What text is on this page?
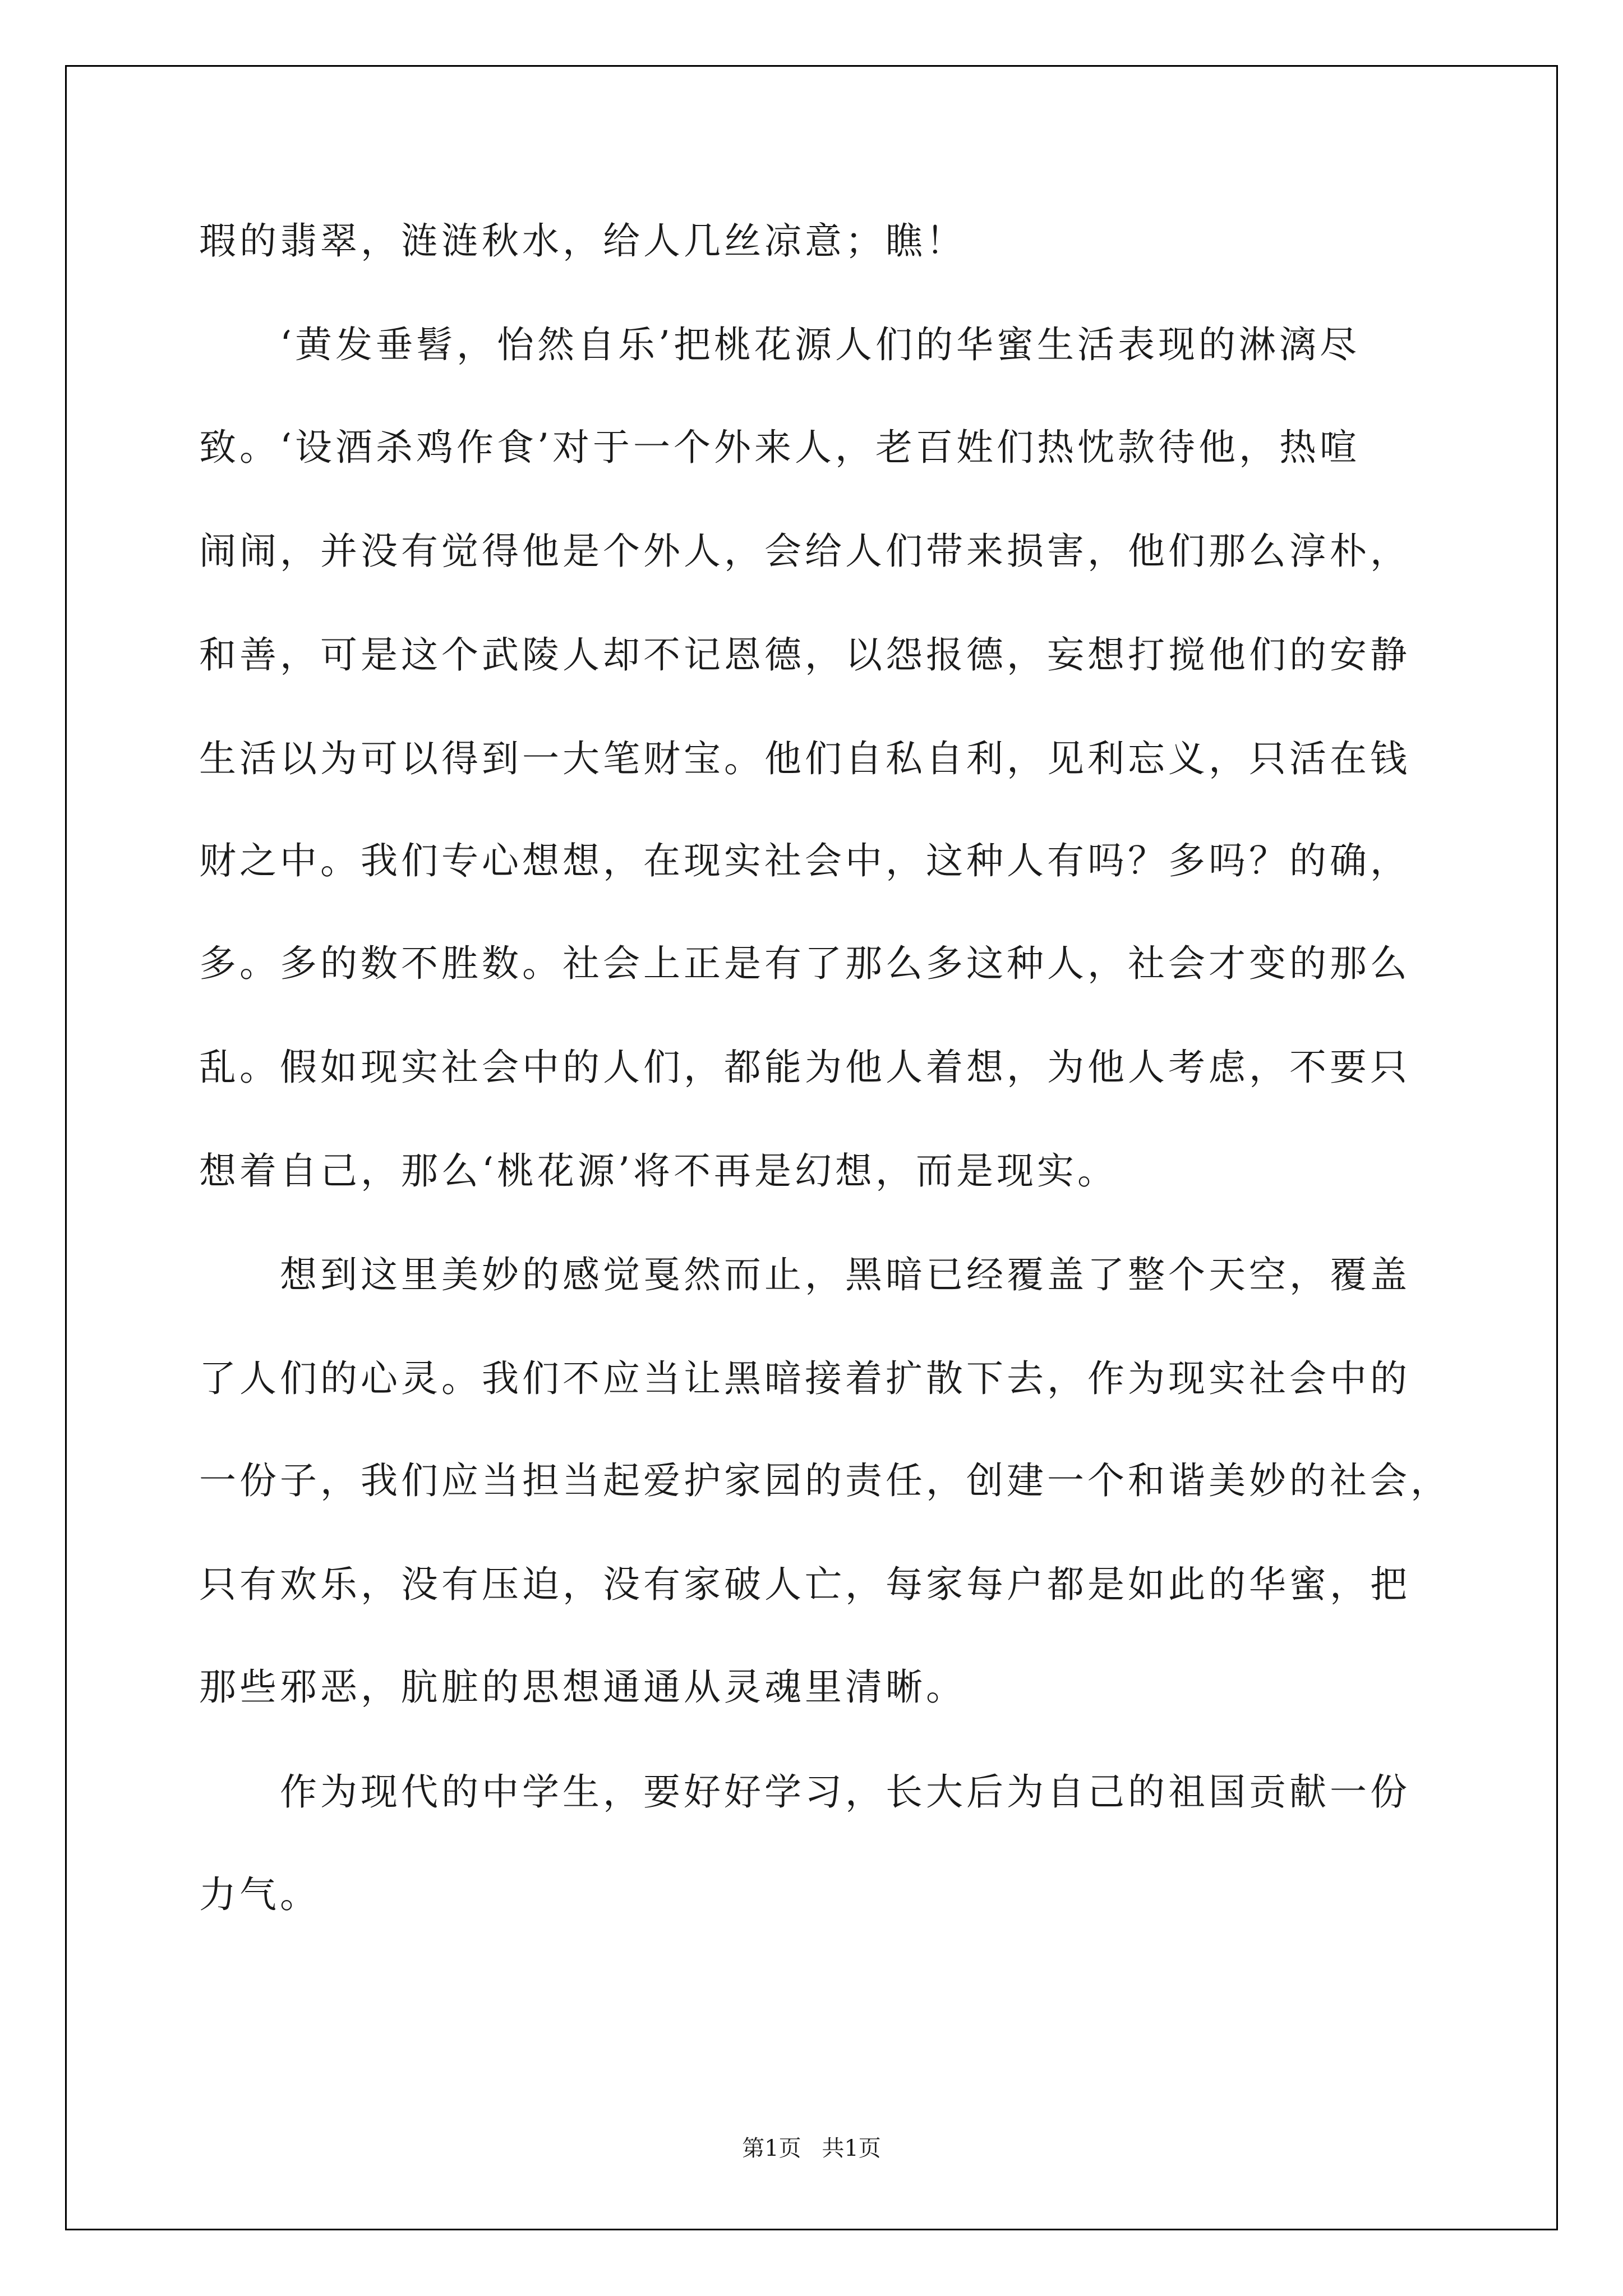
瑕的翡翠，涟涟秋水，给人几丝凉意；瞧！
　　‘黄发垂髫，怡然自乐’把桃花源人们的华蜜生活表现的淋漓尽
致。‘设酒杀鸡作食’对于一个外来人，老百姓们热忱款待他，热喧
闹闹，并没有觉得他是个外人，会给人们带来损害，他们那么淳朴，
和善，可是这个武陵人却不记恩德，以怨报德，妄想打搅他们的安静
生活以为可以得到一大笔财宝。他们自私自利，见利忘义，只活在钱
财之中。我们专心想想，在现实社会中，这种人有吗？多吗？的确，
多。多的数不胜数。社会上正是有了那么多这种人，社会才变的那么
乱。假如现实社会中的人们，都能为他人着想，为他人考虑，不要只
想着自己，那么‘桃花源’将不再是幻想，而是现实。
　　想到这里美妙的感觉戛然而止，黑暗已经覆盖了整个天空，覆盖
了人们的心灵。我们不应当让黑暗接着扩散下去，作为现实社会中的
一份子，我们应当担当起爱护家园的责任，创建一个和谐美妙的社会，
只有欢乐，没有压迫，没有家破人亡，每家每户都是如此的华蜜，把
那些邪恶，肮脏的思想通通从灵魂里清晰。
　　作为现代的中学生，要好好学习，长大后为自己的祖国贡献一份
力气。
第1页 共1页
